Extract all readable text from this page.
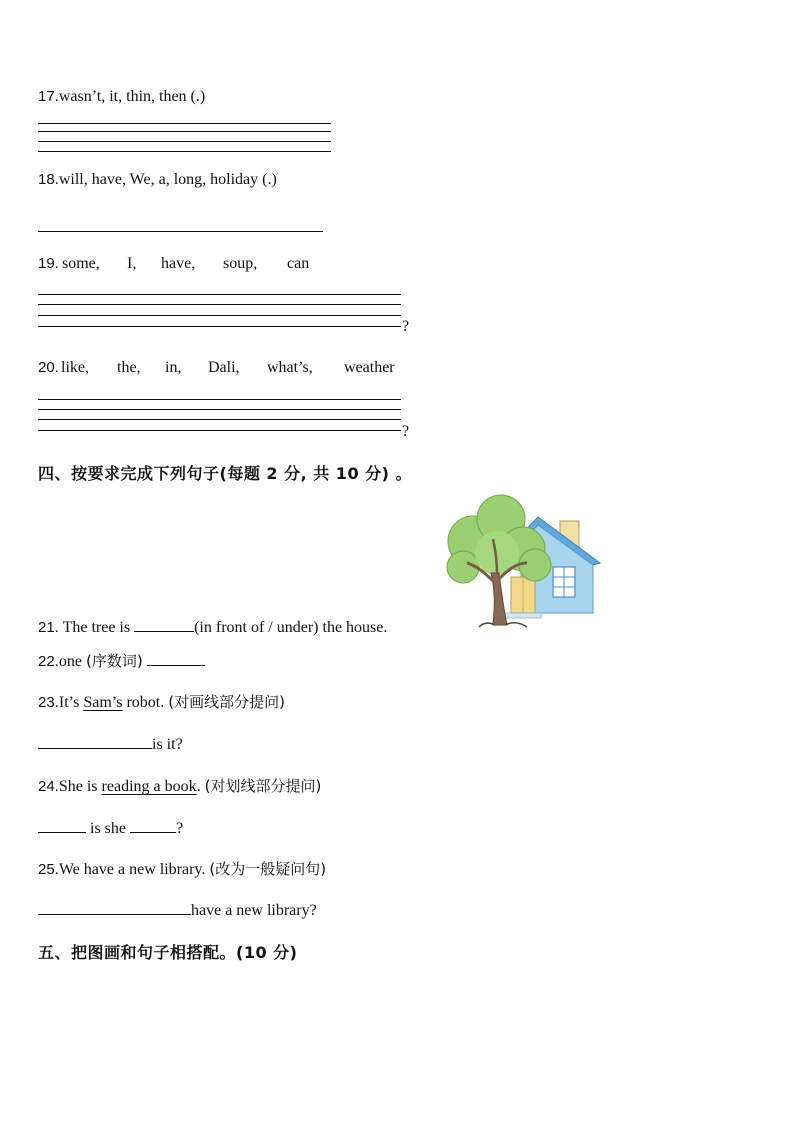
17.wasn’t, it, thin, then (.)
18.will, have, We, a, long, holiday (.)
19. some, I, have, soup, can
?
20. like, the, in, Dali, what’s, weather
?
四、按要求完成下列句子(每题 2 分, 共 10 分) 。
21. The tree is	(in front of / under) the house.
22.one (序数词)
23.It’s Sam’s robot. (对画线部分提问)
is it?
24.She is reading a book. (对划线部分提问)
is she	?
25.We have a new library. (改为一般疑问句)
have a new library?
五、把图画和句子相搭配。(10 分)
